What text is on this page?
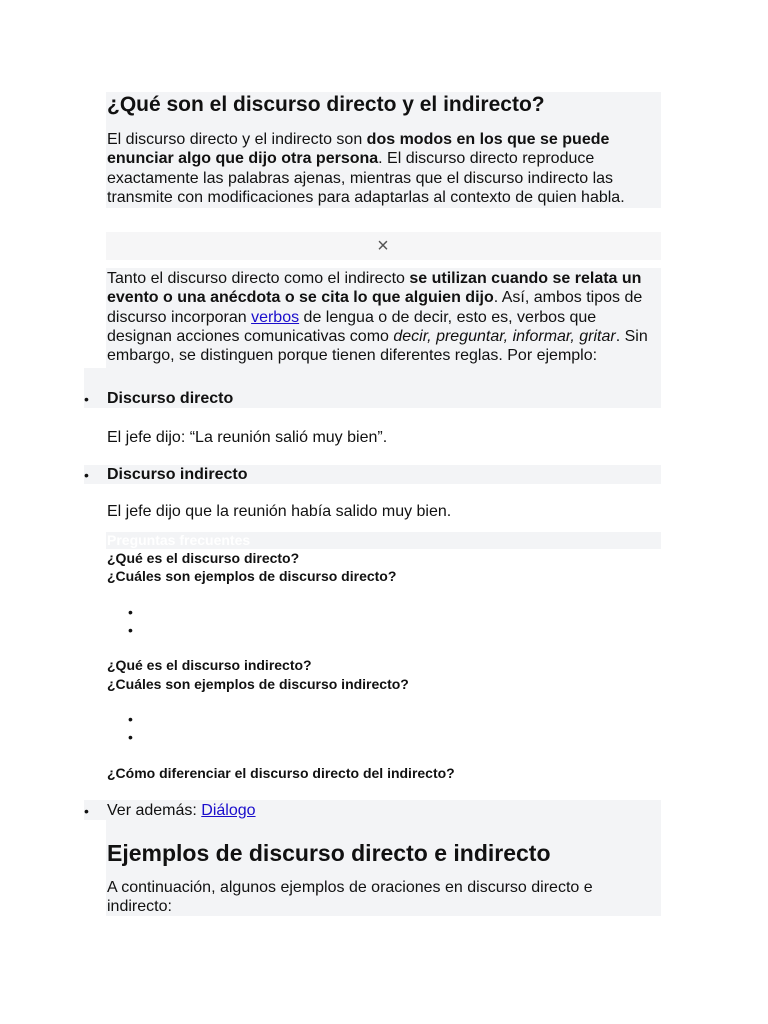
¿Qué son el discurso directo y el indirecto?

El discurso directo y el indirecto son dos modos en los que se puede enunciar algo que dijo otra persona. El discurso directo reproduce exactamente las palabras ajenas, mientras que el discurso indirecto las transmite con modificaciones para adaptarlas al contexto de quien habla.

×

Tanto el discurso directo como el indirecto se utilizan cuando se relata un evento o una anécdota o se cita lo que alguien dijo. Así, ambos tipos de discurso incorporan verbos de lengua o de decir, esto es, verbos que designan acciones comunicativas como decir, preguntar, informar, gritar. Sin embargo, se distinguen porque tienen diferentes reglas. Por ejemplo:

• Discurso directo
El jefe dijo: “La reunión salió muy bien”.
• Discurso indirecto
El jefe dijo que la reunión había salido muy bien.
Preguntas frecuentes
¿Qué es el discurso directo?
¿Cuáles son ejemplos de discurso directo?
•
•
¿Qué es el discurso indirecto?
¿Cuáles son ejemplos de discurso indirecto?
•
•
¿Cómo diferenciar el discurso directo del indirecto?
• Ver además: Diálogo
Ejemplos de discurso directo e indirecto

A continuación, algunos ejemplos de oraciones en discurso directo e indirecto:
